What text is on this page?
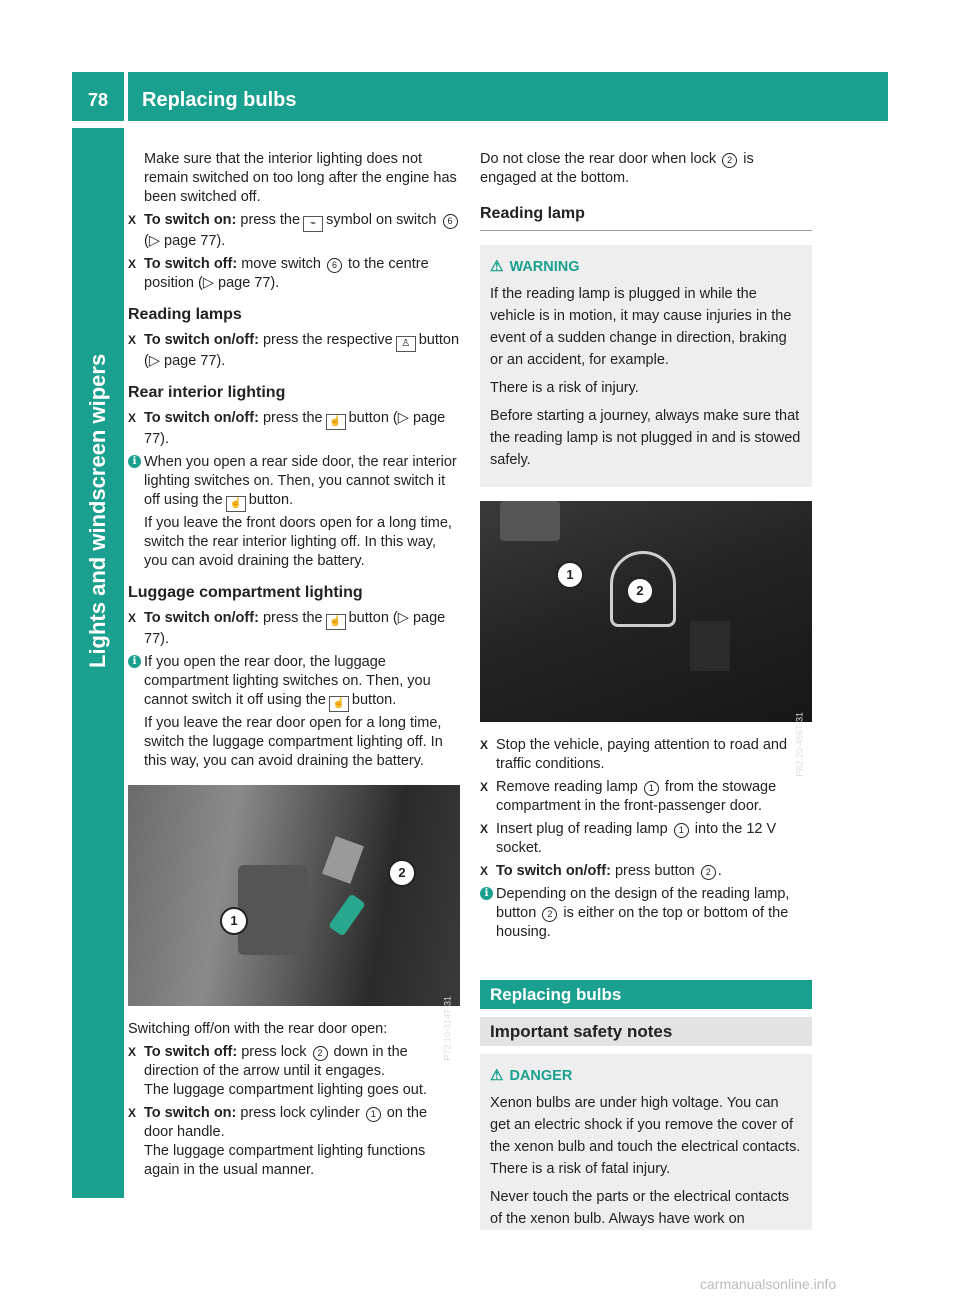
78	Replacing bulbs
Lights and windscreen wipers

Make sure that the interior lighting does not remain switched on too long after the engine has been switched off.

X To switch on: press the ⌁ symbol on switch 6 (▷ page 77).
X To switch off: move switch 6 to the centre position (▷ page 77).
Reading lamps
X To switch on/off: press the respective ♙ button (▷ page 77).
Rear interior lighting
X To switch on/off: press the ☝ button (▷ page 77).
i When you open a rear side door, the rear interior lighting switches on. Then, you cannot switch it off using the ☝ button.

If you leave the front doors open for a long time, switch the rear interior lighting off. In this way, you can avoid draining the battery.

Luggage compartment lighting
X To switch on/off: press the ☝ button (▷ page 77).
i If you open the rear door, the luggage compartment lighting switches on. Then, you cannot switch it off using the ☝ button.

If you leave the rear door open for a long time, switch the luggage compartment lighting off. In this way, you can avoid draining the battery.

1
2
P72.10-3147-31

Switching off/on with the rear door open:

X To switch off: press lock 2 down in the direction of the arrow until it engages.
The luggage compartment lighting goes out.
X To switch on: press lock cylinder 1 on the door handle.
The luggage compartment lighting functions again in the usual manner.

Do not close the rear door when lock 2 is engaged at the bottom.

Reading lamp
⚠ WARNING

If the reading lamp is plugged in while the vehicle is in motion, it may cause injuries in the event of a sudden change in direction, braking or an accident, for example.

There is a risk of injury.

Before starting a journey, always make sure that the reading lamp is not plugged in and is stowed safely.

1
2
P82.20-4567-31
X Stop the vehicle, paying attention to road and traffic conditions.
X Remove reading lamp 1 from the stowage compartment in the front-passenger door.
X Insert plug of reading lamp 1 into the 12 V socket.
X To switch on/off: press button 2 .
i Depending on the design of the reading lamp, button 2 is either on the top or bottom of the housing.
Replacing bulbs
Important safety notes
⚠ DANGER

Xenon bulbs are under high voltage. You can get an electric shock if you remove the cover of the xenon bulb and touch the electrical contacts. There is a risk of fatal injury.

Never touch the parts or the electrical contacts of the xenon bulb. Always have work on

carmanualsonline.info
